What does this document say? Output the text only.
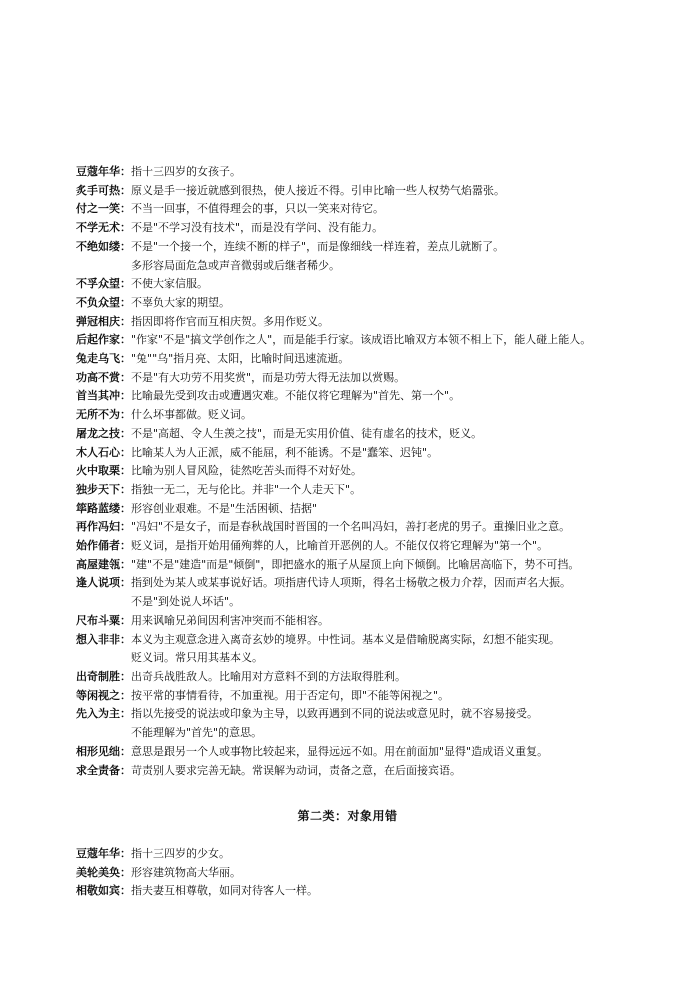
豆蔻年华 ： 指十三四岁的女孩子。
炙手可热 ： 原义是手一接近就感到很热，使人接近不得。引申比喻一些人权势气焰嚣张。
付之一笑 ： 不当一回事，不值得理会的事，只以一笑来对待它。
不学无术 ： 不是"不学习没有技术"，而是没有学问、没有能力。
不绝如缕 ： 不是"一个接一个，连续不断的样子"，而是像细线一样连着，差点儿就断了。
多形容局面危急或声音微弱或后继者稀少。
不孚众望 ： 不使大家信服。
不负众望 ： 不辜负大家的期望。
弹冠相庆 ： 指因即将作官而互相庆贺。多用作贬义。
后起作家 ： "作家"不是"搞文学创作之人"，而是能手行家。该成语比喻双方本领不相上下，能人碰上能人。
兔走乌飞 ： "兔""乌"指月亮、太阳，比喻时间迅速流逝。
功高不赏 ： 不是"有大功劳不用奖赏"，而是功劳大得无法加以赏赐。
首当其冲 ： 比喻最先受到攻击或遭遇灾难。不能仅将它理解为"首先、第一个"。
无所不为 ： 什么坏事都做。贬义词。
屠龙之技 ： 不是"高超、令人生羡之技"，而是无实用价值、徒有虚名的技术，贬义。
木人石心 ： 比喻某人为人正派，威不能屈，利不能诱。不是"蠢笨、迟钝"。
火中取栗 ： 比喻为别人冒风险，徒然吃苦头而得不对好处。
独步天下 ： 指独一无二，无与伦比。并非"一个人走天下"。
筚路蓝缕 ： 形容创业艰难。不是"生活困顿、拮据"
再作冯妇 ： "冯妇"不是女子，而是春秋战国时晋国的一个名叫冯妇，善打老虎的男子。重操旧业之意。
始作俑者 ： 贬义词，是指开始用俑殉葬的人，比喻首开恶例的人。不能仅仅将它理解为"第一个"。
高屋建瓴 ： "建"不是"建造"而是"倾倒"，即把盛水的瓶子从屋顶上向下倾倒。比喻居高临下，势不可挡。
逢人说项 ： 指到处为某人或某事说好话。项指唐代诗人项斯，得名士杨敬之极力介荐，因而声名大振。
不是"到处说人坏话"。
尺布斗粟 ： 用来讽喻兄弟间因利害冲突而不能相容。
想入非非 ： 本义为主观意念进入离奇玄妙的境界。中性词。基本义是借喻脱离实际，幻想不能实现。
贬义词。常只用其基本义。
出奇制胜 ： 出奇兵战胜敌人。比喻用对方意料不到的方法取得胜利。
等闲视之 ： 按平常的事情看待，不加重视。用于否定句，即"不能等闲视之"。
先入为主 ： 指以先接受的说法或印象为主导，以致再遇到不同的说法或意见时，就不容易接受。
不能理解为"首先"的意思。
相形见绌 ： 意思是跟另一个人或事物比较起来，显得远远不如。用在前面加"显得"造成语义重复。
求全责备 ： 苛责别人要求完善无缺。常误解为动词，责备之意，在后面接宾语。
第二类：对象用错
豆蔻年华 ： 指十三四岁的少女。
美轮美奂 ： 形容建筑物高大华丽。
相敬如宾 ： 指夫妻互相尊敬，如同对待客人一样。
